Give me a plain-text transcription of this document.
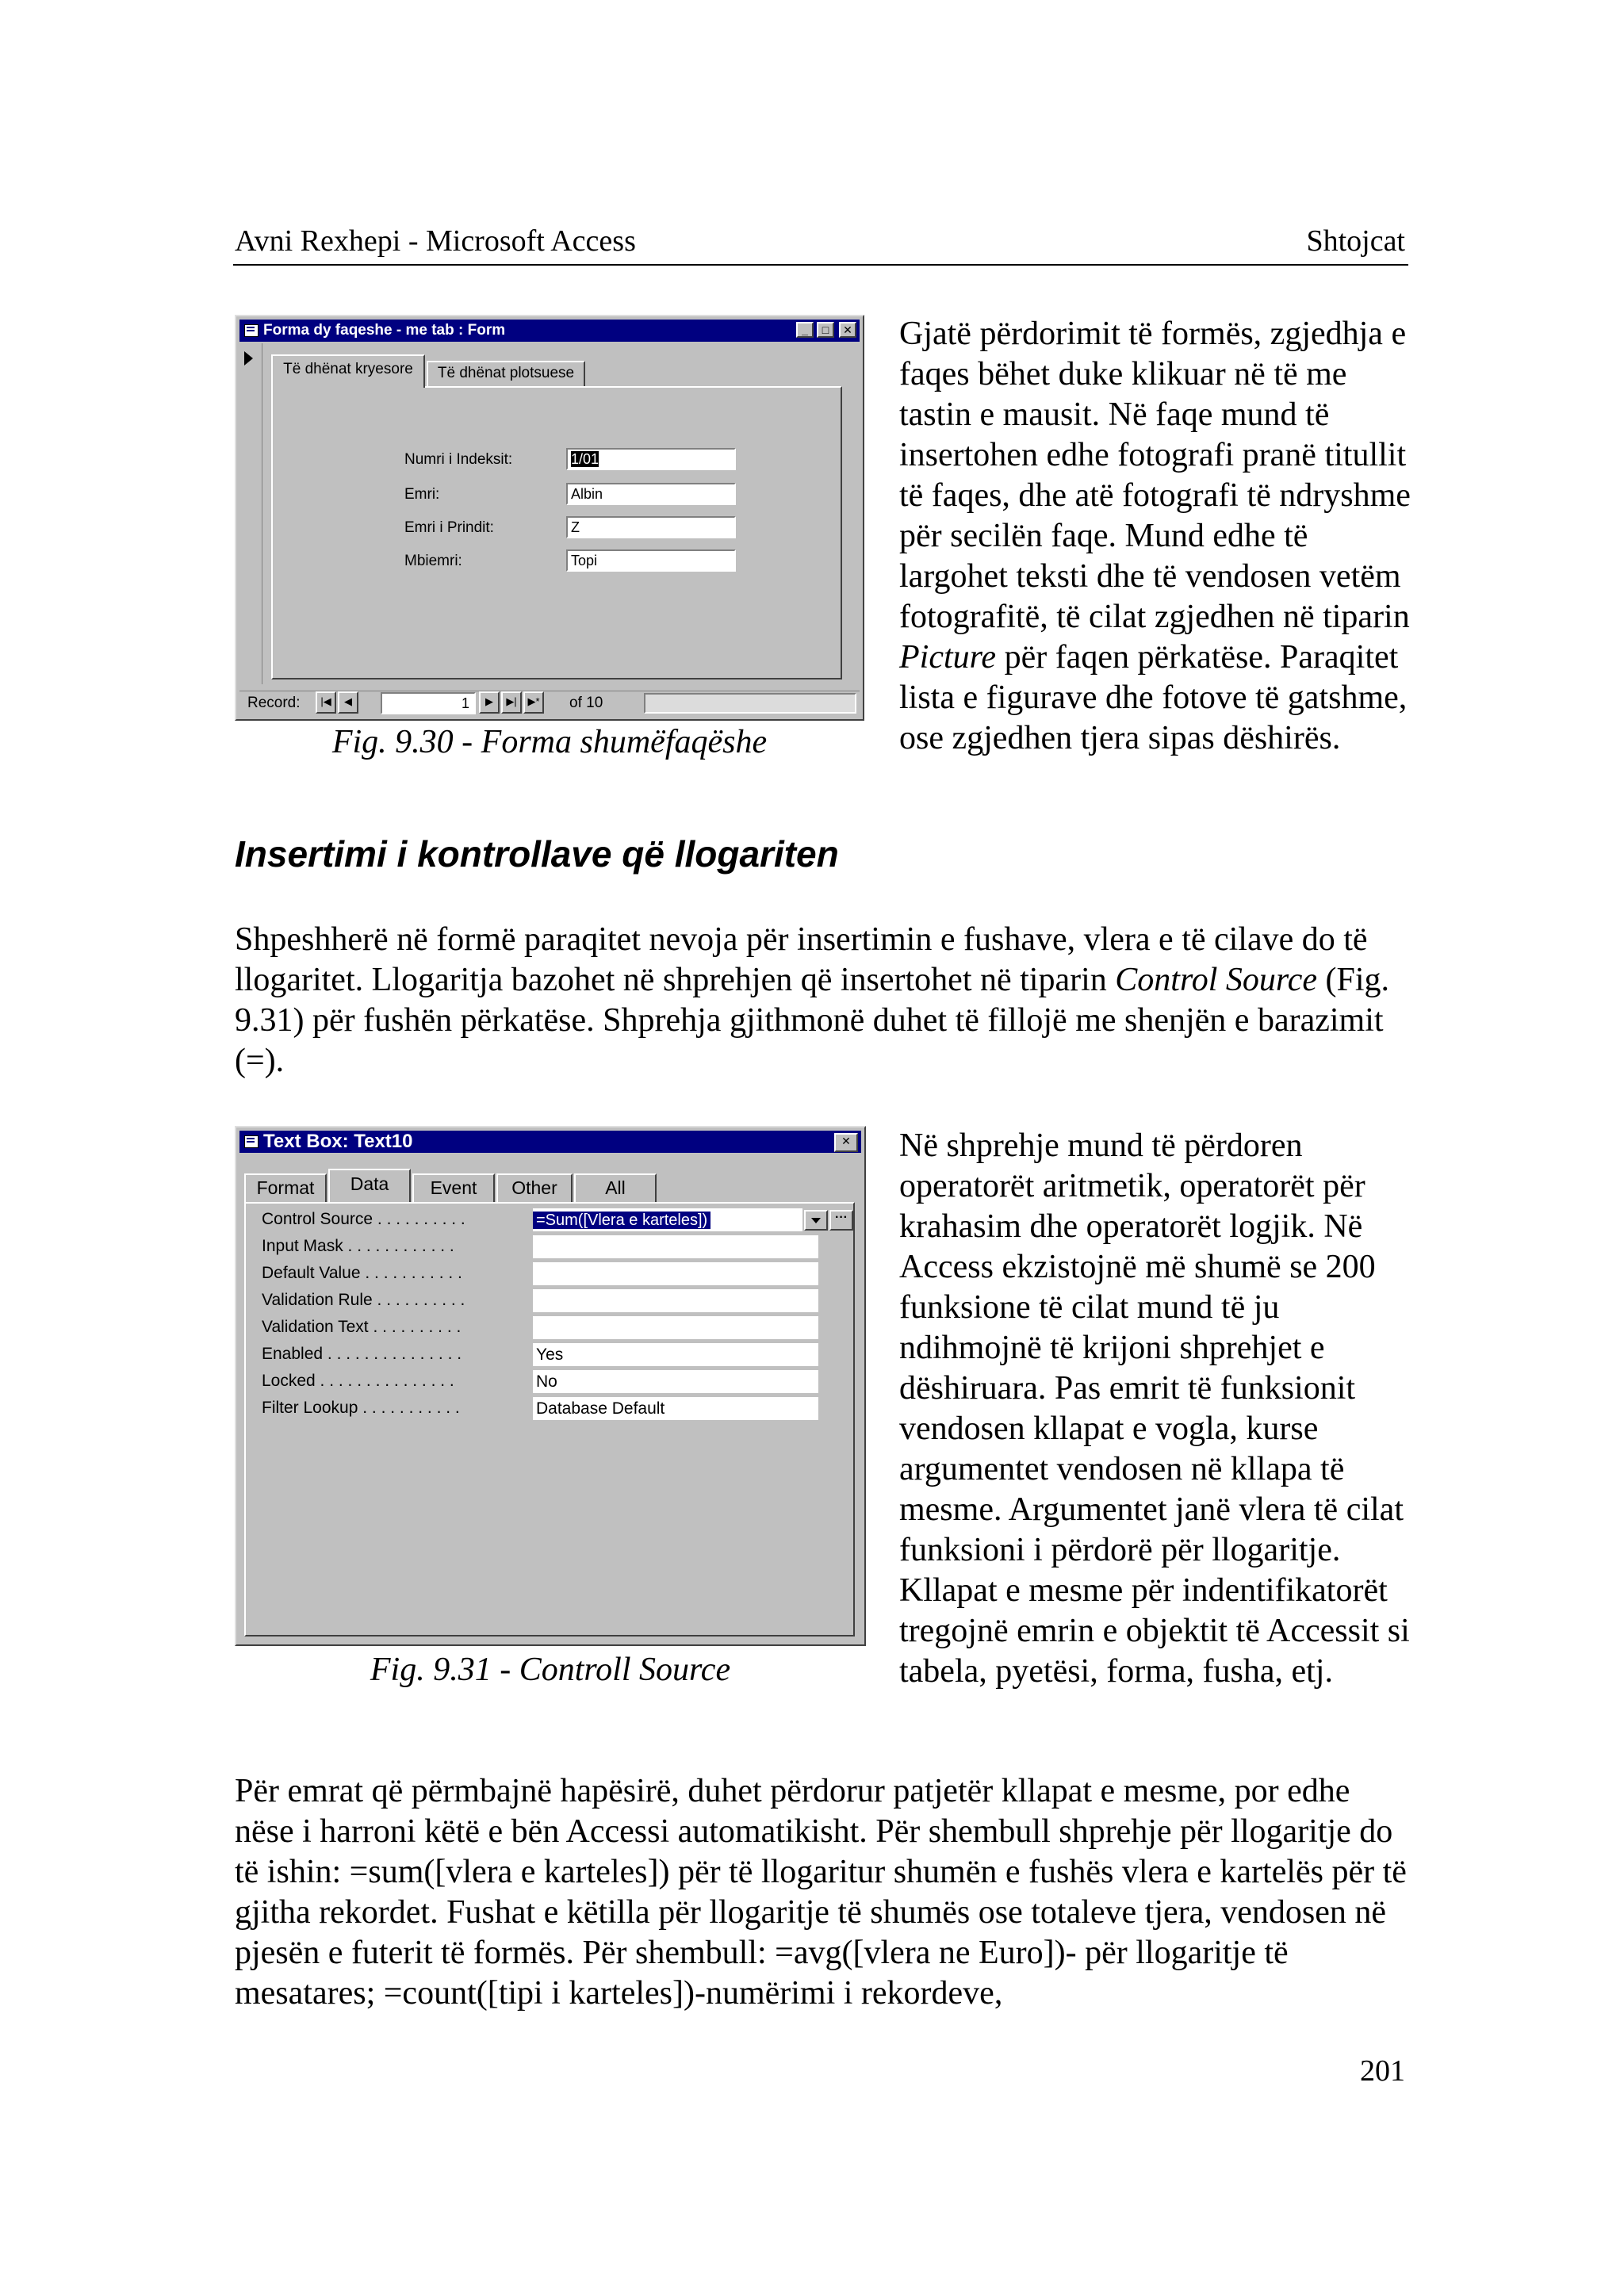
Avni Rexhepi - Microsoft Access	Shtojcat
Forma dy faqeshe - me tab : Form	_	□	✕
Të dhënat kryesore	Të dhënat plotsuese
Numri i Indeksit:	1/01
Emri:	Albin
Emri i Prindit:	Z
Mbiemri:	Topi
Record:	|◀	◀	1	▶	▶|	▶* of 10
Fig. 9.30 - Forma shumëfaqëshe

Gjatë përdorimit të formës, zgjedhja e faqes bëhet duke klikuar në të me tastin e mausit. Në faqe mund të insertohen edhe fotografi pranë titullit të faqes, dhe atë fotografi të ndryshme për secilën faqe. Mund edhe të largohet teksti dhe të vendosen vetëm fotografitë, të cilat zgjedhen në tiparin Picture për faqen përkatëse. Paraqitet lista e figurave dhe fotove të gatshme, ose zgjedhen tjera sipas dëshirës.

Insertimi i kontrollave që llogariten

Shpeshherë në formë paraqitet nevoja për insertimin e fushave, vlera e të cilave do të llogaritet. Llogaritja bazohet në shprehjen që insertohet në tiparin Control Source (Fig. 9.31) për fushën përkatëse. Shprehja gjithmonë duhet të fillojë me shenjën e barazimit (=).

Text Box: Text10	✕
Format	Data	Event	Other	All
Control Source . . . . . . . . . .	=Sum([Vlera e karteles])	···
Input Mask . . . . . . . . . . . .
Default Value . . . . . . . . . . .
Validation Rule . . . . . . . . . .
Validation Text . . . . . . . . . .
Enabled . . . . . . . . . . . . . . .	Yes
Locked . . . . . . . . . . . . . . .	No
Filter Lookup . . . . . . . . . . .	Database Default
Fig. 9.31 - Controll Source

Në shprehje mund të përdoren operatorët aritmetik, operatorët për krahasim dhe operatorët logjik. Në Access ekzistojnë më shumë se 200 funksione të cilat mund të ju ndihmojnë të krijoni shprehjet e dëshiruara. Pas emrit të funksionit vendosen kllapat e vogla, kurse argumentet vendosen në kllapa të mesme. Argumentet janë vlera të cilat funksioni i përdorë për llogaritje. Kllapat e mesme për indentifikatorët tregojnë emrin e objektit të Accessit si tabela, pyetësi, forma, fusha, etj.

Për emrat që përmbajnë hapësirë, duhet përdorur patjetër kllapat e mesme, por edhe nëse i harroni këtë e bën Accessi automatikisht. Për shembull shprehje për llogaritje do të ishin: =sum([vlera e karteles]) për të llogaritur shumën e fushës vlera e kartelës për të gjitha rekordet. Fushat e këtilla për llogaritje të shumës ose totaleve tjera, vendosen në pjesën e futerit të formës. Për shembull: =avg([vlera ne Euro])- për llogaritje të mesatares; =count([tipi i karteles])-numërimi i rekordeve,

201
